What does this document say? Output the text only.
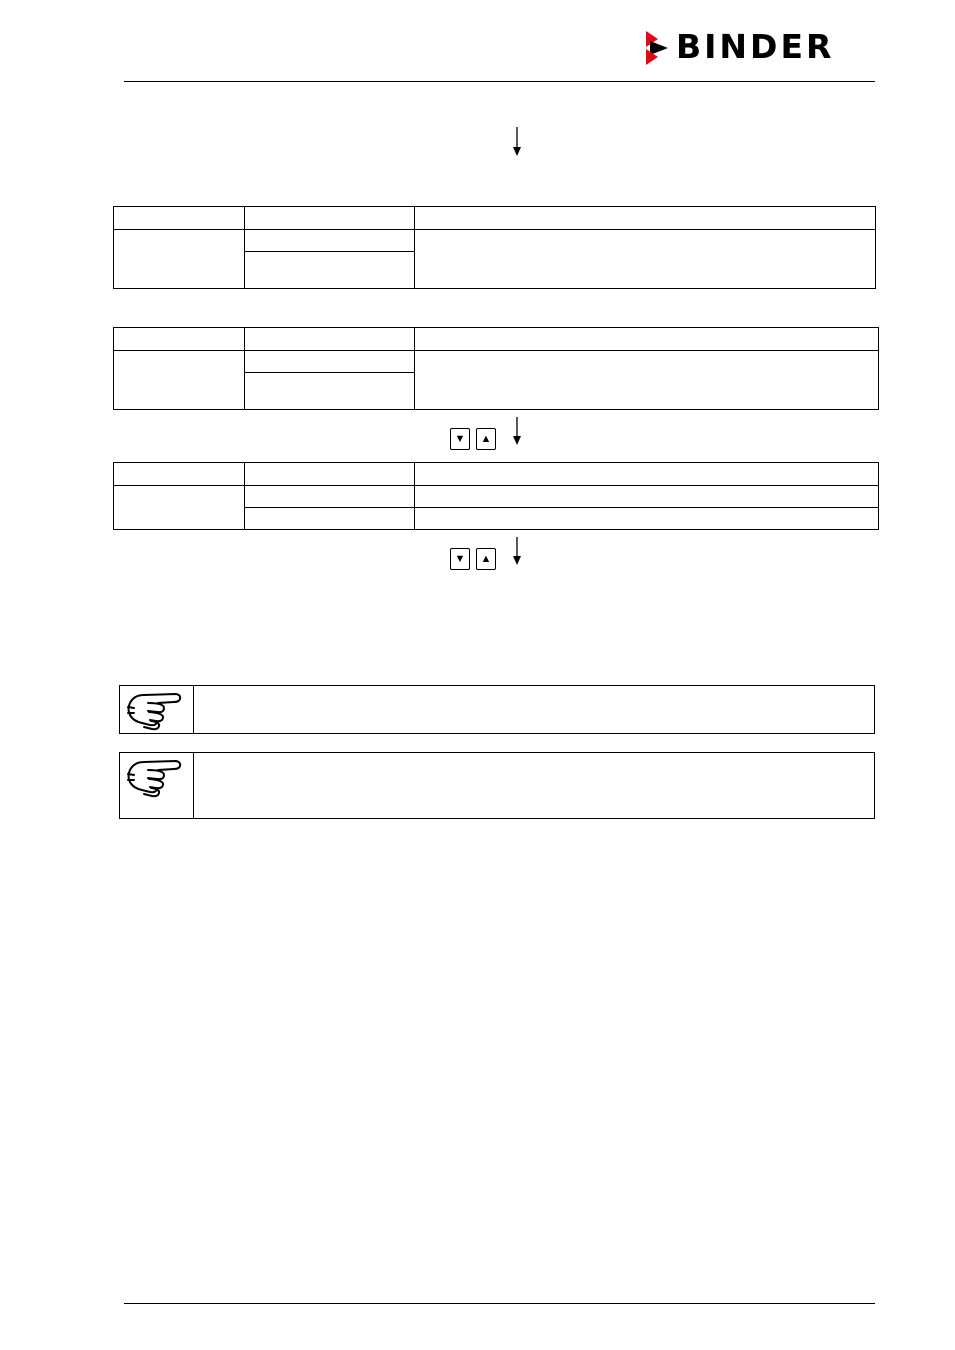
BINDER

▼	▲

▼	▲
